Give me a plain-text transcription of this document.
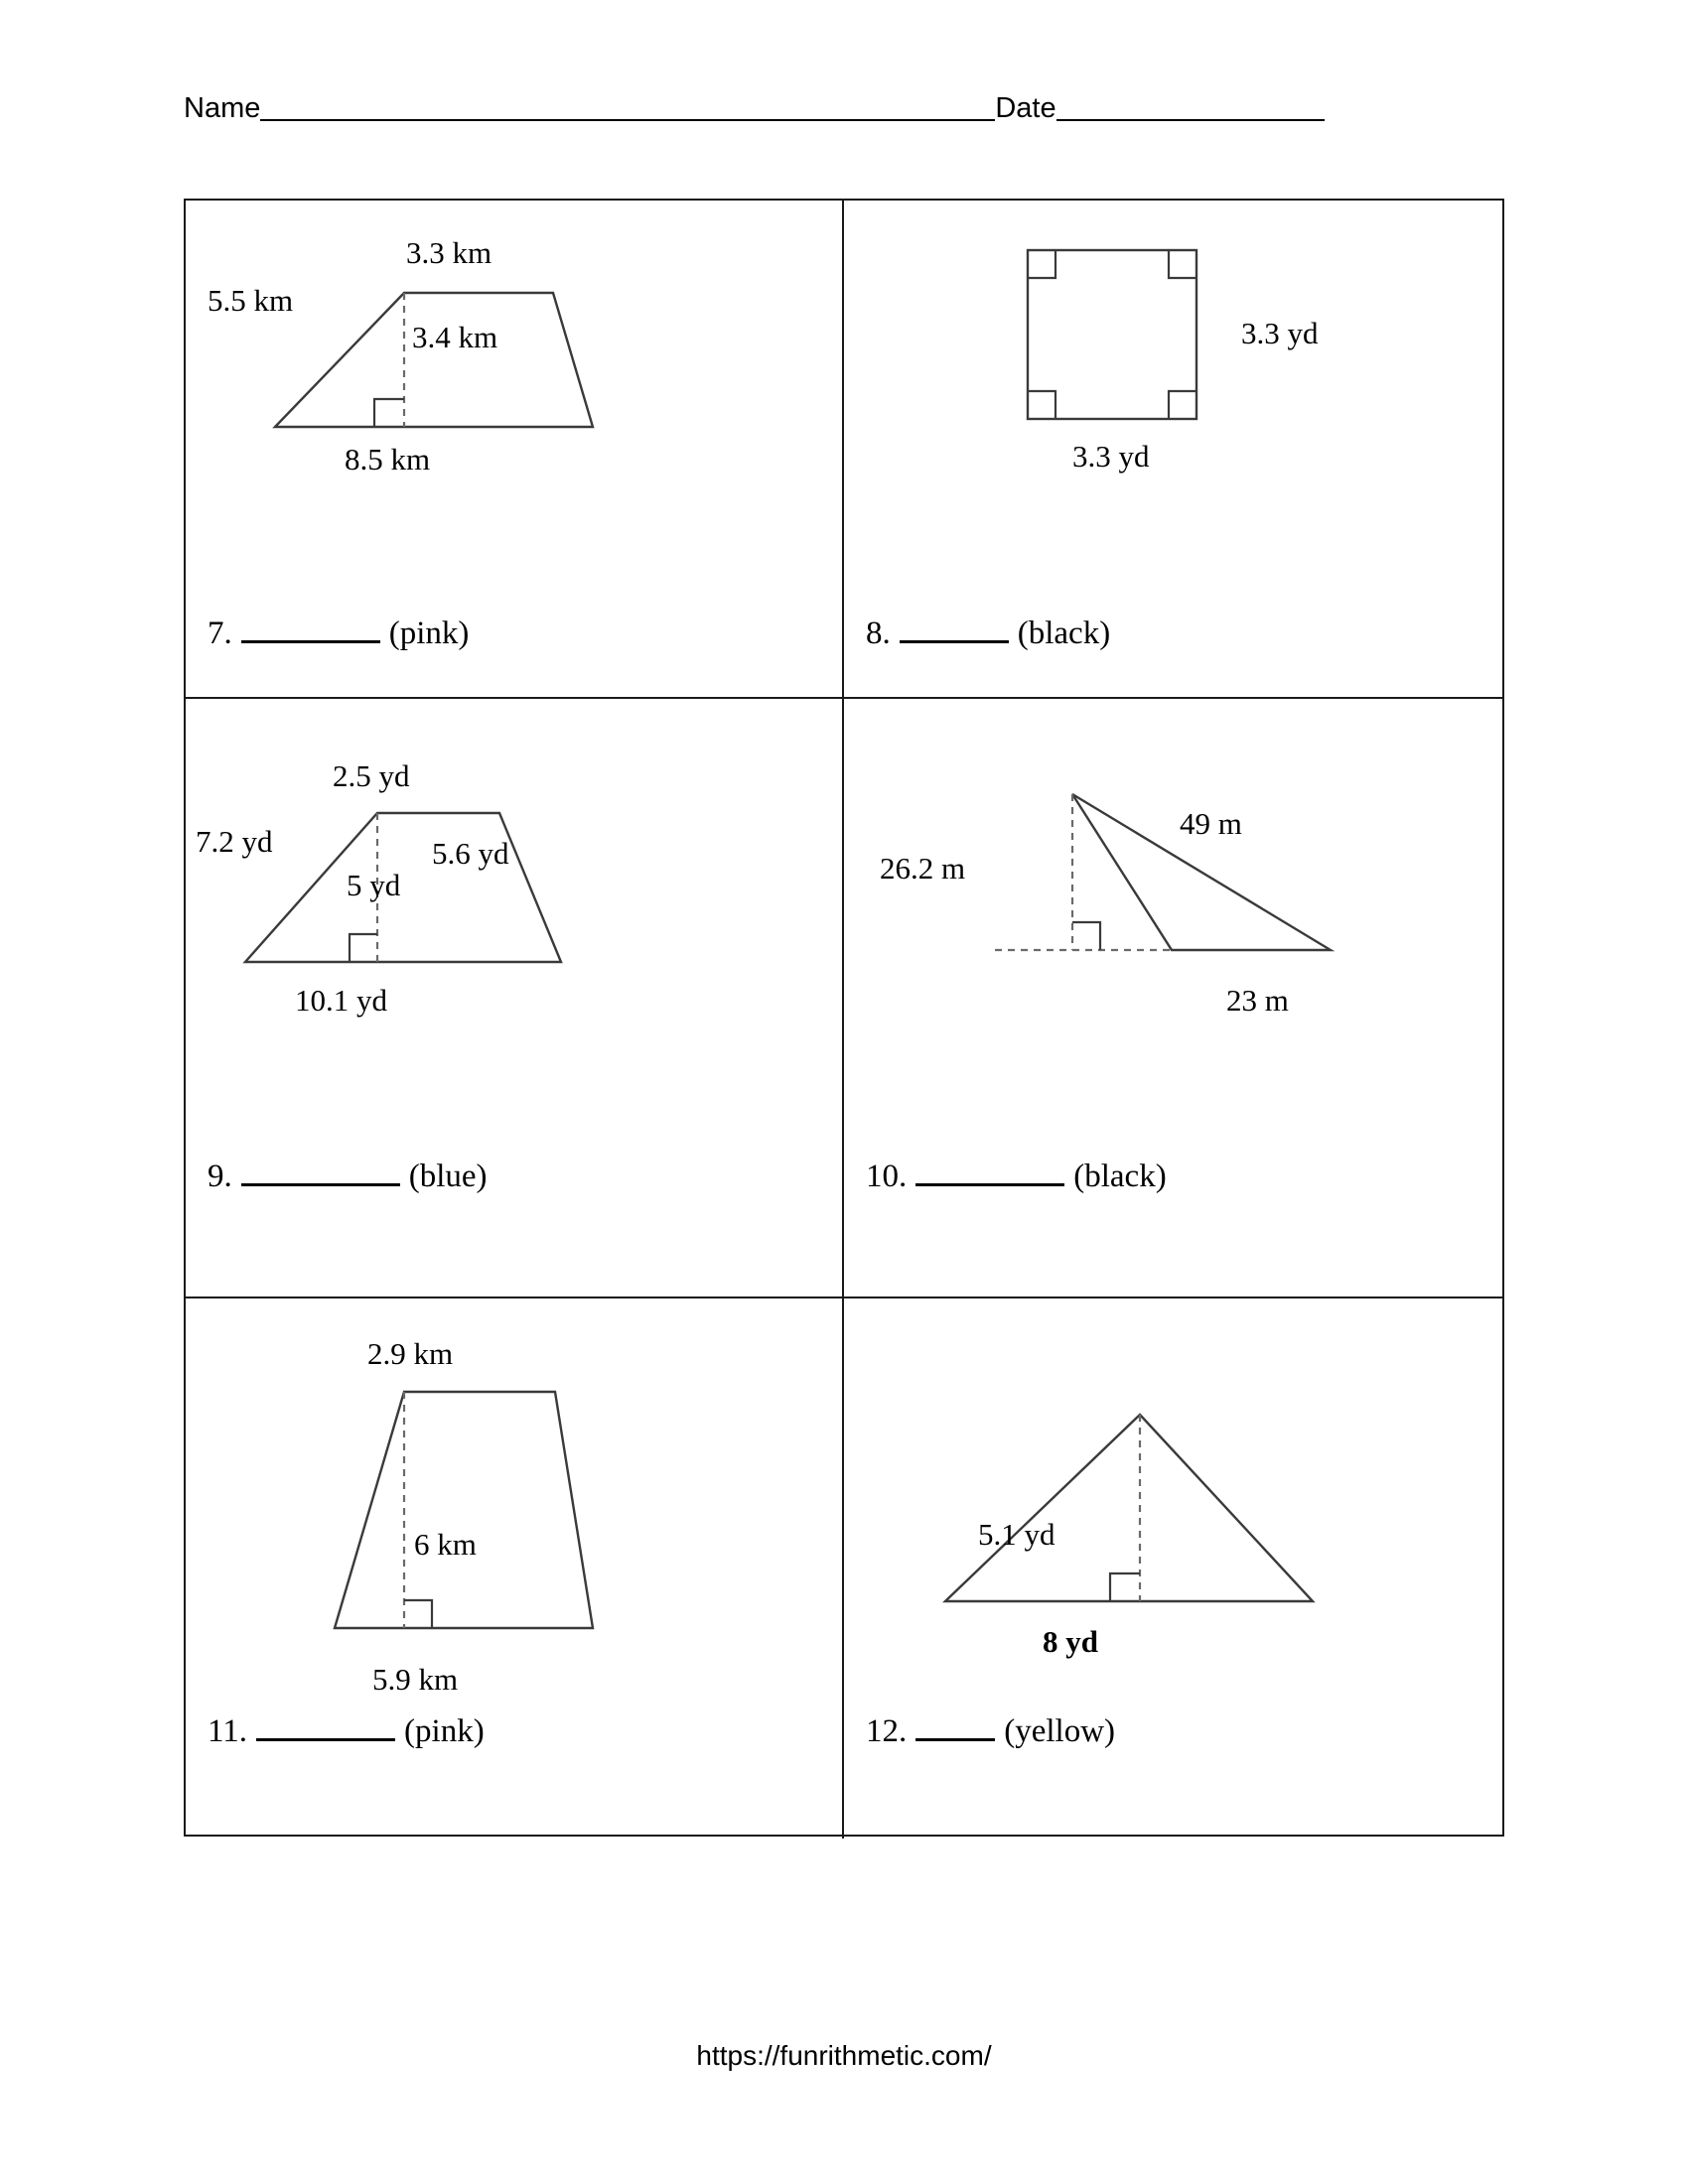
Name	Date
3.3 km
5.5 km
3.4 km
8.5 km
7.	(pink)
3.3 yd
3.3 yd
8.	(black)
2.5 yd
7.2 yd	5.6 yd
5 yd
10.1 yd
9.	(blue)
26.2 m
49 m
23 m
10.	(black)
2.9 km
6 km
5.9 km
11.	(pink)
5.1 yd
8 yd
12.	(yellow)
https://funrithmetic.com/
